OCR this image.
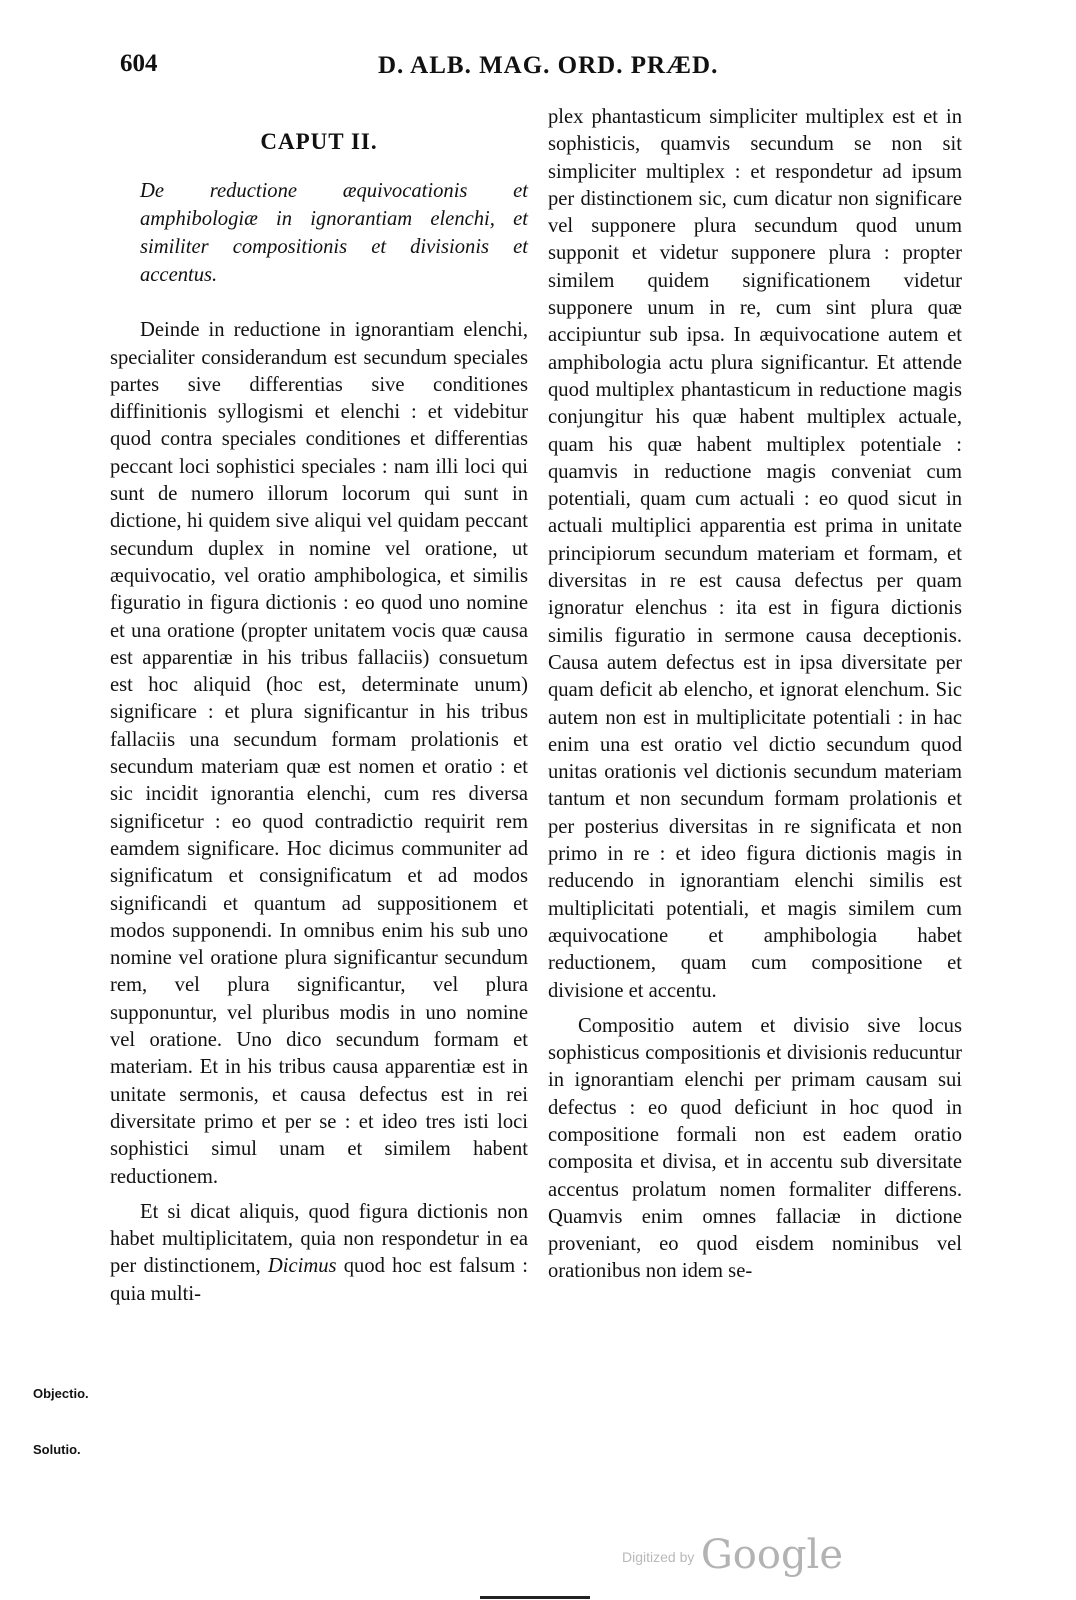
604	D. ALB. MAG. ORD. PRÆD.
CAPUT II.
De reductione æquivocationis et amphibologiæ in ignorantiam elenchi, et similiter compositionis et divisionis et accentus.

Deinde in reductione in ignorantiam elenchi, specialiter considerandum est secundum speciales partes sive differentias sive conditiones diffinitionis syllogismi et elenchi : et videbitur quod contra speciales conditiones et differentias peccant loci sophistici speciales : nam illi loci qui sunt de numero illorum locorum qui sunt in dictione, hi quidem sive aliqui vel quidam peccant secundum duplex in nomine vel oratione, ut æquivocatio, vel oratio amphibologica, et similis figuratio in figura dictionis : eo quod uno nomine et una oratione (propter unitatem vocis quæ causa est apparentiæ in his tribus fallaciis) consuetum est hoc aliquid (hoc est, determinate unum) significare : et plura significantur in his tribus fallaciis una secundum formam prolationis et secundum materiam quæ est nomen et oratio : et sic incidit ignorantia elenchi, cum res diversa significetur : eo quod contradictio requirit rem eamdem significare. Hoc dicimus communiter ad significatum et consignificatum et ad modos significandi et quantum ad suppositionem et modos supponendi. In omnibus enim his sub uno nomine vel oratione plura significantur secundum rem, vel plura significantur, vel plura supponuntur, vel pluribus modis in uno nomine vel oratione. Uno dico secundum formam et materiam. Et in his tribus causa apparentiæ est in unitate sermonis, et causa defectus est in rei diversitate primo et per se : et ideo tres isti loci sophistici simul unam et similem habent reductionem.

Et si dicat aliquis, quod figura dictionis non habet multiplicitatem, quia non respondetur in ea per distinctionem, Dicimus quod hoc est falsum : quia multi-

plex phantasticum simpliciter multiplex est et in sophisticis, quamvis secundum se non sit simpliciter multiplex : et respondetur ad ipsum per distinctionem sic, cum dicatur non significare vel supponere plura secundum quod unum supponit et videtur supponere plura : propter similem quidem significationem videtur supponere unum in re, cum sint plura quæ accipiuntur sub ipsa. In æquivocatione autem et amphibologia actu plura significantur. Et attende quod multiplex phantasticum in reductione magis conjungitur his quæ habent multiplex actuale, quam his quæ habent multiplex potentiale : quamvis in reductione magis conveniat cum potentiali, quam cum actuali : eo quod sicut in actuali multiplici apparentia est prima in unitate principiorum secundum materiam et formam, et diversitas in re est causa defectus per quam ignoratur elenchus : ita est in figura dictionis similis figuratio in sermone causa deceptionis. Causa autem defectus est in ipsa diversitate per quam deficit ab elencho, et ignorat elenchum. Sic autem non est in multiplicitate potentiali : in hac enim una est oratio vel dictio secundum quod unitas orationis vel dictionis secundum materiam tantum et non secundum formam prolationis et per posterius diversitas in re significata et non primo in re : et ideo figura dictionis magis in reducendo in ignorantiam elenchi similis est multiplicitati potentiali, et magis similem cum æquivocatione et amphibologia habet reductionem, quam cum compositione et divisione et accentu.

Compositio autem et divisio sive locus sophisticus compositionis et divisionis reducuntur in ignorantiam elenchi per primam causam sui defectus : eo quod deficiunt in hoc quod in compositione formali non est eadem oratio composita et divisa, et in accentu sub diversitate accentus prolatum nomen formaliter differens. Quamvis enim omnes fallaciæ in dictione proveniant, eo quod eisdem nominibus vel orationibus non idem se-

Objectio.
Solutio.
Digitized by Google
